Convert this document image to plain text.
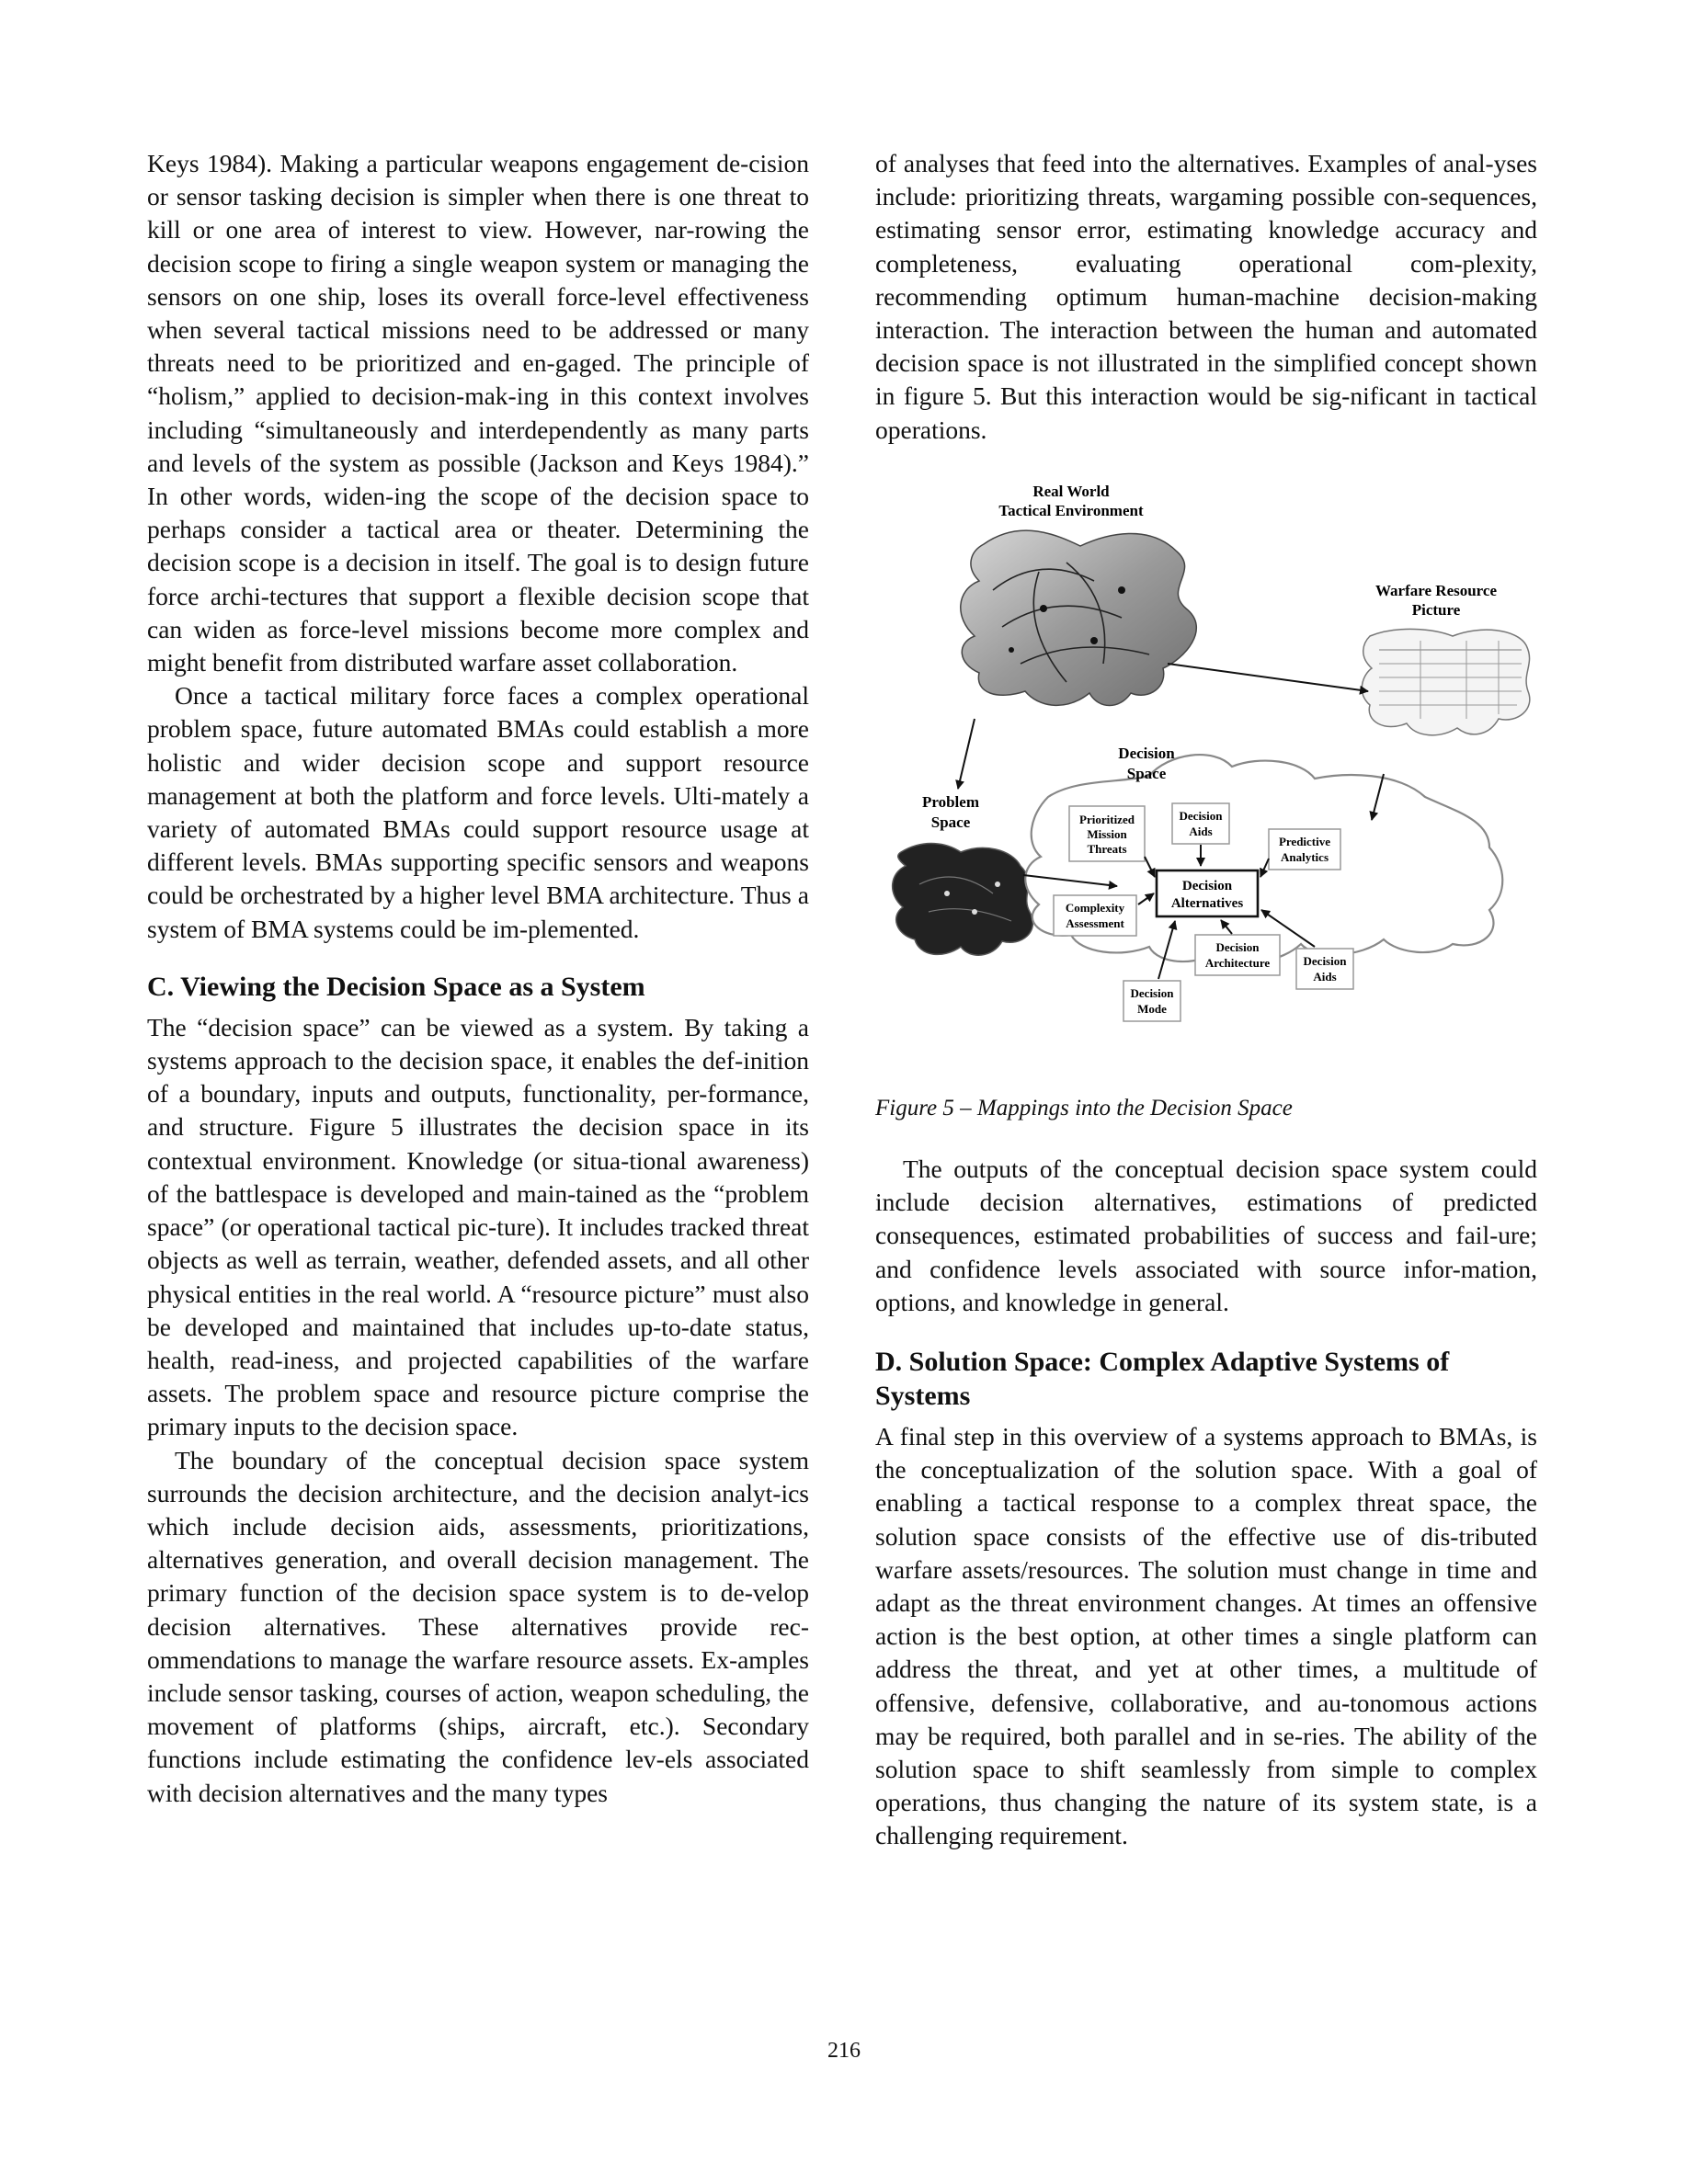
Keys 1984). Making a particular weapons engagement de-cision or sensor tasking decision is simpler when there is one threat to kill or one area of interest to view. However, nar-rowing the decision scope to firing a single weapon system or managing the sensors on one ship, loses its overall force-level effectiveness when several tactical missions need to be addressed or many threats need to be prioritized and en-gaged. The principle of “holism,” applied to decision-mak-ing in this context involves including “simultaneously and interdependently as many parts and levels of the system as possible (Jackson and Keys 1984).” In other words, widen-ing the scope of the decision space to perhaps consider a tactical area or theater. Determining the decision scope is a decision in itself. The goal is to design future force archi-tectures that support a flexible decision scope that can widen as force-level missions become more complex and might benefit from distributed warfare asset collaboration.

Once a tactical military force faces a complex operational problem space, future automated BMAs could establish a more holistic and wider decision scope and support resource management at both the platform and force levels. Ulti-mately a variety of automated BMAs could support resource usage at different levels. BMAs supporting specific sensors and weapons could be orchestrated by a higher level BMA architecture. Thus a system of BMA systems could be im-plemented.

C. Viewing the Decision Space as a System

The “decision space” can be viewed as a system. By taking a systems approach to the decision space, it enables the def-inition of a boundary, inputs and outputs, functionality, per-formance, and structure. Figure 5 illustrates the decision space in its contextual environment. Knowledge (or situa-tional awareness) of the battlespace is developed and main-tained as the “problem space” (or operational tactical pic-ture). It includes tracked threat objects as well as terrain, weather, defended assets, and all other physical entities in the real world. A “resource picture” must also be developed and maintained that includes up-to-date status, health, read-iness, and projected capabilities of the warfare assets. The problem space and resource picture comprise the primary inputs to the decision space.

The boundary of the conceptual decision space system surrounds the decision architecture, and the decision analyt-ics which include decision aids, assessments, prioritizations, alternatives generation, and overall decision management. The primary function of the decision space system is to de-velop decision alternatives. These alternatives provide rec-ommendations to manage the warfare resource assets. Ex-amples include sensor tasking, courses of action, weapon scheduling, the movement of platforms (ships, aircraft, etc.). Secondary functions include estimating the confidence lev-els associated with decision alternatives and the many types

of analyses that feed into the alternatives. Examples of anal-yses include: prioritizing threats, wargaming possible con-sequences, estimating sensor error, estimating knowledge accuracy and completeness, evaluating operational com-plexity, recommending optimum human-machine decision-making interaction. The interaction between the human and automated decision space is not illustrated in the simplified concept shown in figure 5. But this interaction would be sig-nificant in tactical operations.

Real World
Tactical Environment
Warfare Resource
Picture
Problem
Space
Decision
Space
Prioritized
Mission
Threats
Decision
Aids
Predictive
Analytics
Decision
Alternatives
Complexity
Assessment
Decision
Architecture	Decision
Aids
Decision
Mode
Figure 5 – Mappings into the Decision Space

The outputs of the conceptual decision space system could include decision alternatives, estimations of predicted consequences, estimated probabilities of success and fail-ure; and confidence levels associated with source infor-mation, options, and knowledge in general.

D. Solution Space: Complex Adaptive Systems of Systems

A final step in this overview of a systems approach to BMAs, is the conceptualization of the solution space. With a goal of enabling a tactical response to a complex threat space, the solution space consists of the effective use of dis-tributed warfare assets/resources. The solution must change in time and adapt as the threat environment changes. At times an offensive action is the best option, at other times a single platform can address the threat, and yet at other times, a multitude of offensive, defensive, collaborative, and au-tonomous actions may be required, both parallel and in se-ries. The ability of the solution space to shift seamlessly from simple to complex operations, thus changing the nature of its system state, is a challenging requirement.

216
